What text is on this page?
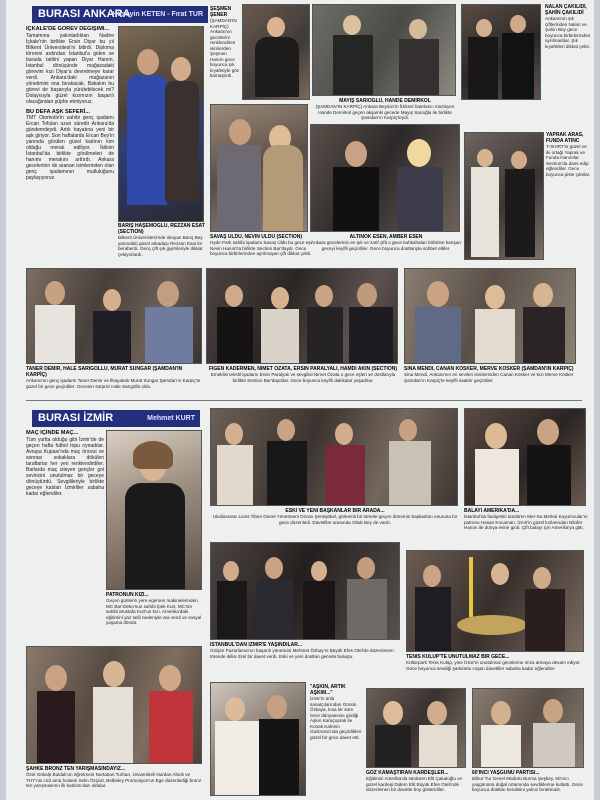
BURASI ANKARA
Hüseyin KETEN - Fırat TUR
İÇKALE'DE GÖREV DEĞİŞİMİ...
Tamamına yakınladıktan Nadire İçkale'nin birlikte Ersin Diyar bu yıl Bilkent Üniversitesi'ni bitirdi. Diploma törenini ardından İstanbul'a giden ve burada tatilini yapan Diyar Hanım, İstanbul dönüşünde mağazadaki görevini kızı Diyar'a devretmeye karar verdi. Ankara'daki mağazanın yönetimini ona bırakacak. Bakalım bu görevi de başarıyla yürütebilecek mi? Dolayısıyla güzel kızımızın başarılı olacağından şüphe etmiyoruz.
BU DEFA AŞK SEFERİ...
TMT Otomotiv'in sahibi genç işadamı Ercan Tofulan uzun süredir Ankara'da gündemdeydi. Artık hayatına yeni bir aşk giriyor. Son haftalarda Ercan Bey'in yanında görülen güzel kadının kim olduğu merak ediliyor. İkilinin İstanbul'da birlikte görülmeleri de hanımı merakını arttırdı. Ankara gecelerinin de aranan isimlerinden olan genç işadamının mutluluğunu paylaşıyoruz.
BARIŞ HAŞEMOĞLU, REZZAN ESAT (SECTION)
Bilkent Üniversitesi'nde okuyan Barış Bey yanındaki güzel arkadaşı Rezzan Esat ile beraberdi. Genç çift şık giyimleriyle dikkat çekiyorlardı.
ŞEŞMEN ŞENER
(ŞAMDAN'IN KARPİÇ) Ankara'nın gecelerini renklendiren isimlerden Şeşmen Hanım gece boyunca şık kıyafetiyle göz kamaştırdı.
MAYIŞ SARIOĞLU, HANDE DEMİRKOL
(ŞAMDAN'IN KARPİÇ) Ankara Beyinin'in fiziksel hatırlatıcı müzisyen Hande Demirkol geçen akşamki gecede Mayış Sarıoğlu ile birlikte Şamdan'ın Karpiç'teydi.
NALAN ÇAKILIDİ, ŞAHİN ÇAKILIDİ
Ankara'nın şık çiftlerinden Nalan ve Şahin Bey gece boyunca birbirlerinden ayrılmadılar. Şık kıyafetleri dikkat çekti.
SAVAŞ ÜLDÜ, NEVİN ÜLDÜ (SECTION)
Hyde Park sahibi işadamı Savaş Üldü bu gece eşi Nevin Hanım'la birlikte Section Bar'daydı. Gece boyunca birbirlerinden ayrılmayan çift dikkat çekti.
ALTINOK ESEN, AMBER ESEN
Ankara gecelerinin en şık ve zarif çifti o gece kahkahaları birbirine karışan geceyi keyifli geçirdiler. Gece boyunca dostlarıyla sohbet ettiler.
YAPRAK ARAS, FUNDA ATINC
T-SHIRT'in güzel ve iki ortağı Yaprak ve Funda Hanımlar Section'da dans edip eğlendiler. Gece boyunca piste çıktılar.
TANER DEMİR, HALE SARIGÖLLÜ, MURAT SUNGAR (ŞAMDAN'IN KARPİÇ)
Ankara'nın genç işadamı Taner Demir ve İlkayakalı Murat Sungar Şamdan'ın Karpiç'te güzel bir gece geçirdiler. Gecenin sürprizi Hale Sarıgöllü oldu.
FİGEN KADERMEN, NİMET ÖZATA, ERSİN PARALYALI, HAMDİ AKIN (SECTION)
Emeklisi tekstil işadamı Ersin Paralyalı ve sevgilisi Nimet Özata o gece eşleri ve dostlarıyla birlikte Section Bar'daydılar. Gece boyunca keyifli dakikalar yaşadılar.
SİNA MENDİ, CANAN KÖSKER, MERVE KÖSKER (ŞAMDAN'IN KARPİÇ)
Sina Mendi, Ankara'nın en sevilen isimlerinden Canan Kösker ve kızı Merve Kösker Şamdan'ın Karpiç'te keyifli saatler geçirdiler.
BURASI İZMİR	Mehmet KURT
MAÇ İÇİNDE MAÇ...
Tüm yurtta olduğu gibi İzmir'de de geçen hafta futbol topu oynadılar. Avrupa Kupası'nda maç öncesi ve sonrası sokaklara dökülen taraftarlar her yeri renklendirdiler. Barlarda maç izleyen gençler gol sevincini unutulmaz bir geceye dönüştürdü. Sevgilileriyle birlikte geceye katılan İzmirliler sabaha kadar eğlendiler.
PATRONUN KIZI...
Geçen günlerin yere egemen makinelerinden MC Bar-Deko'nun sahibi İpek Kurt, MC'nin sahibi Mustafa Kurt'un kızı. Amerika'daki eğitimini yaz tatili nedeniyle ara verdi ve sosyal yaşama döndü.
ESKİ VE YENİ BAŞKANLAR BİR ARADA...
Uluslararası Lions Tiberi Genel Yönetmeni Ozcan Şeneşökel, görkemli bir törenle geçen dönemin başkanları onuruna bir gece düzenledi. Davetliler arasında Oltuk Bey de vardı.
BALAYI AMERİKA'DA...
İstanbul'da faaliyetini sürdüren Mer-Sa Merkul Kuyumcular'ın patronu Hasan Kocaman, İzmir'in güzel kızlarından Nilüfer Hanım ile dünya evine girdi. Çift balayı için Amerika'ya gitti.
İSTANBUL'DAN İZMİR'E YAŞINDILAR...
Girişim Pazarlama'nın başarılı yöneticisi Mehmet Özbay'ın Büyük Efes Otel'de düzenlenen törende ikilisi özel bir davet verdi. Eski ve yeni dostları gecede buluştu.	TENİS KULÜP'TE UNUTULMAZ BİR GECE...
Kültürpark Tenis Kulüp, yine İzmir'in unutulmaz gecelerine imza atmaya devam ediyor. Gece boyunca sevdiği şarkılarla coşan davetliler sabaha kadar eğlendiler.
ŞAHKE BRONZ TEN YARIŞMASINDAYIZ...
Özel Gökalp Bulduk'un öğretmeni Nurtaban Turhan, Üniversiteli Nurdan Altıok ve THY'nin cicil ama hostesi Selin Özçivit, Belbeley Promosyon'un Ege düzenlediği bronz ten yarışmasının ilk katılımcıları oldular.
"AŞKIN, ARTIK AŞKIM..."
İzmir'in ünlü sanatçılarından Günün Özkaya, kısa bir süre önce dünyaevine girdiği Aşkın Karaçoprak ile Konak Kafenin Gazinosu'nda geçirdikleri güzel bir gece davet etti.
GÖZ KAMAŞTIRAN KARDEŞLER...
Eğitimini Amerika'da sürdüren Elit Çakaloğlu ve güzel kardeşi Didem Elit Büyük Efes Oteli'nde düzenlenen bir davette boy gösterdiler.
60'INCI YAŞGÜNÜ PARTİSİ...
Bilkur Tur Genel Müdürü Burma Şeşbey, 60'ıncı yaşgününü doğal ortamında sevdiklerine kutlattı. Gece boyunca dostları kendisini yalnız bırakmadı.
